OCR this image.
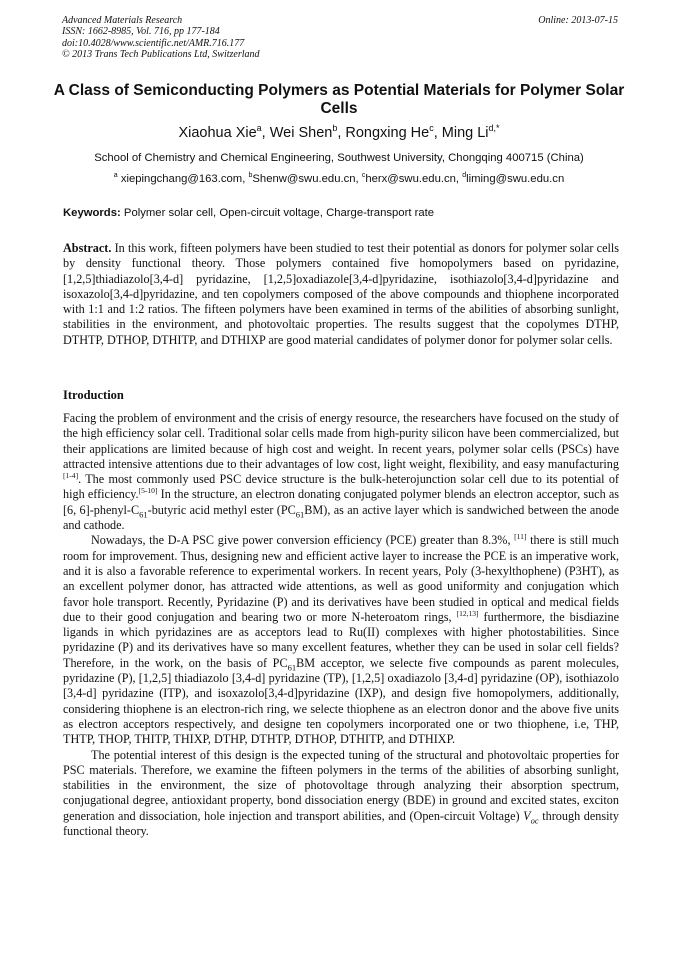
Advanced Materials Research
ISSN: 1662-8985, Vol. 716, pp 177-184
doi:10.4028/www.scientific.net/AMR.716.177
© 2013 Trans Tech Publications Ltd, Switzerland
Online: 2013-07-15
A Class of Semiconducting Polymers as Potential Materials for Polymer Solar Cells
Xiaohua Xie$^a$, Wei Shen$^b$, Rongxing He$^c$, Ming $Li^{d,*}$
School of Chemistry and Chemical Engineering, Southwest University, Chongqing 400715 (China)
$^a$ xiepingchang@163.com, $^b$Shenw@swu.edu.cn, $^c$herx@swu.edu.cn, $^d$liming@swu.edu.cn
Keywords: Polymer solar cell, Open-circuit voltage, Charge-transport rate
Abstract. In this work, fifteen polymers have been studied to test their potential as donors for polymer solar cells by density functional theory. Those polymers contained five homopolymers based on pyridazine, [1,2,5]thiadiazolo[3,4-d] pyridazine, [1,2,5]oxadiazole[3,4-d]pyridazine, isothiazolo[3,4-d]pyridazine and isoxazolo[3,4-d]pyridazine, and ten copolymers composed of the above compounds and thiophene incorporated with 1:1 and 1:2 ratios. The fifteen polymers have been examined in terms of the abilities of absorbing sunlight, stabilities in the environment, and photovoltaic properties. The results suggest that the copolymes DTHP, DTHTP, DTHOP, DTHITP, and DTHIXP are good material candidates of polymer donor for polymer solar cells.
Itroduction

Facing the problem of environment and the crisis of energy resource, the researchers have focused on the study of the high efficiency solar cell. Traditional solar cells made from high-purity silicon have been commercialized, but their applications are limited because of high cost and weight. In recent years, polymer solar cells (PSCs) have attracted intensive attentions due to their advantages of low cost, light weight, flexibility, and easy manufacturing [1-4]. The most commonly used PSC device structure is the bulk-heterojunction solar cell due to its potential of high efficiency.[5-10] In the structure, an electron donating conjugated polymer blends an electron acceptor, such as [6, $6]-phenyl-C_{61}$-butyric acid methyl ester $(PC_{61}BM)$, as an active layer which is sandwiched between the anode and cathode.

Nowadays, the D-A PSC give power conversion efficiency (PCE) greater than 8.3%, [11] there is still much room for improvement. Thus, designing new and efficient active layer to increase the PCE is an imperative work, and it is also a favorable reference to experimental workers. In recent years, Poly (3-hexylthophene) (P3HT), as an excellent polymer donor, has attracted wide attentions, as well as good uniformity and conjugation which favor hole transport. Recently, Pyridazine (P) and its derivatives have been studied in optical and medical fields due to their good conjugation and bearing two or more N-heteroatom rings, [12,13] furthermore, the bisdiazine ligands in which pyridazines are as acceptors lead to Ru(II) complexes with higher photostabilities. Since pyridazine (P) and its derivatives have so many excellent features, whether they can be used in solar cell fields? Therefore, in the work, on the basis of $PC_{61}BM$ acceptor, we selecte five compounds as parent molecules, pyridazine (P), [1,2,5] thiadiazolo [3,4-d] pyridazine (TP), [1,2,5] oxadiazolo [3,4-d] pyridazine (OP), isothiazolo [3,4-d] pyridazine (ITP), and isoxazolo[3,4-d]pyridazine (IXP), and design five homopolymers, additionally, considering thiophene is an electron-rich ring, we selecte thiophene as an electron donor and the above five units as electron acceptors respectively, and designe ten copolymers incorporated one or two thiophene, i.e, THP, THTP, THOP, THITP, THIXP, DTHP, DTHTP, DTHOP, DTHITP, and DTHIXP.

The potential interest of this design is the expected tuning of the structural and photovoltaic properties for PSC materials. Therefore, we examine the fifteen polymers in the terms of the abilities of absorbing sunlight, stabilities in the environment, the size of photovoltage through analyzing their absorption spectrum, conjugational degree, antioxidant property, bond dissociation energy (BDE) in ground and excited states, exciton generation and dissociation, hole injection and transport abilities, and (Open-circuit Voltage) $V_{oc}$ through density functional theory.
